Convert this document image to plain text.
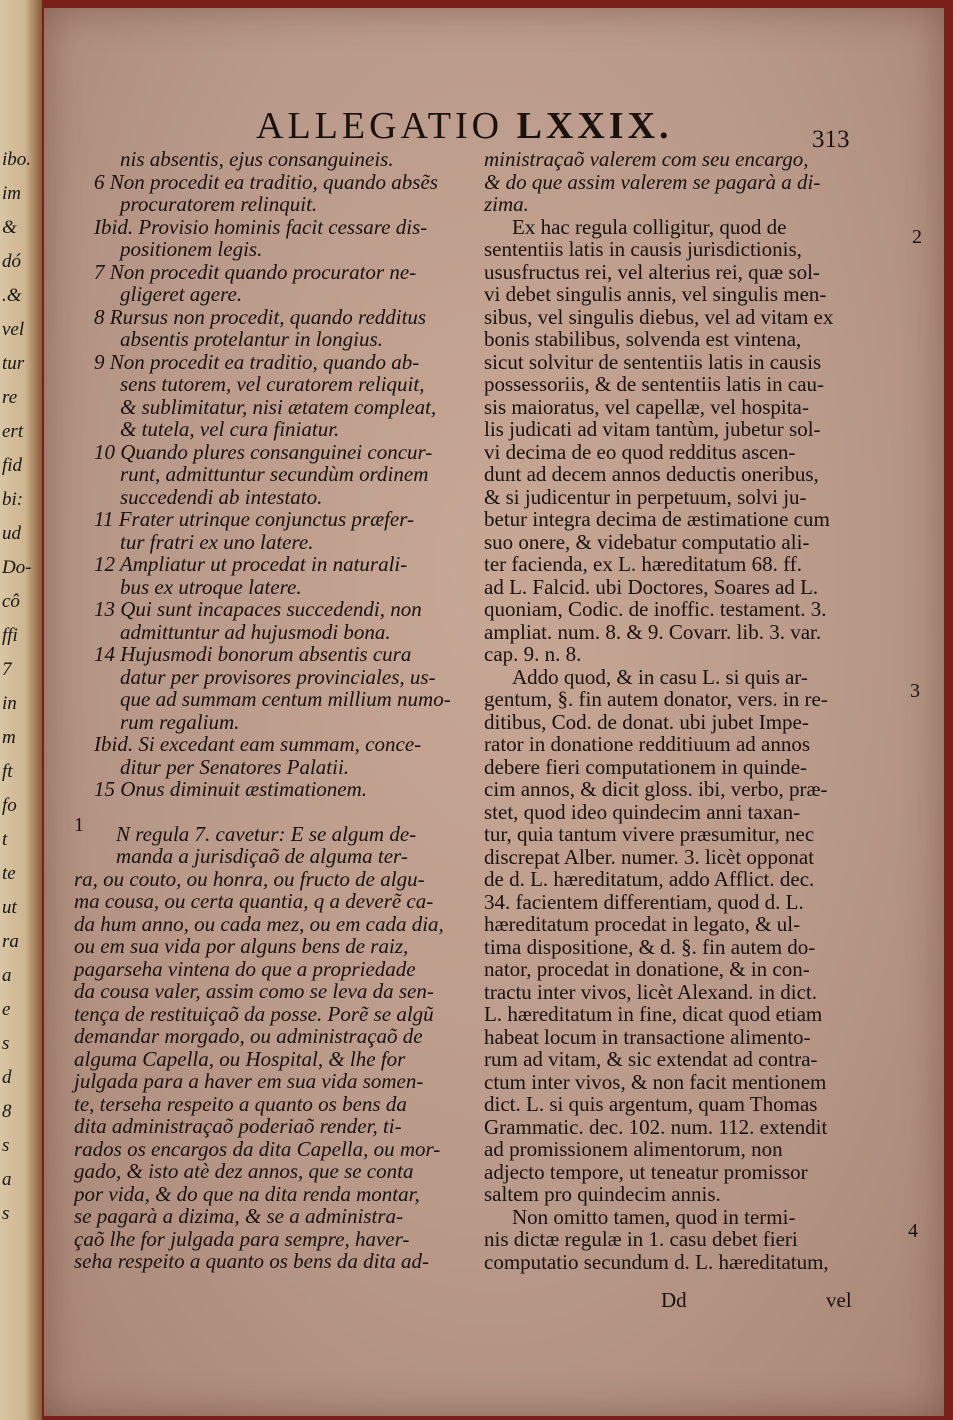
ibo.
im
&
dó
.&
vel
tur
re
ert
fid
bi:
ud
Do-
cô
ffi
7
in
m
ft
fo
t
te
ut
ra
a
e
s
d
8
s
a
s
ALLEGATIO LXXIX.	313
nis absentis, ejus consanguineis.
6 Non procedit ea traditio, quando absẽs
procuratorem relinquit.
Ibid. Provisio hominis facit cessare dis-
positionem legis.
7 Non procedit quando procurator ne-
gligeret agere.
8 Rursus non procedit, quando redditus
absentis protelantur in longius.
9 Non procedit ea traditio, quando ab-
sens tutorem, vel curatorem reliquit,
& sublimitatur, nisi ætatem compleat,
& tutela, vel cura finiatur.
10 Quando plures consanguinei concur-
runt, admittuntur secundùm ordinem
succedendi ab intestato.
11 Frater utrinque conjunctus præfer-
tur fratri ex uno latere.
12 Ampliatur ut procedat in naturali-
bus ex utroque latere.
13 Qui sunt incapaces succedendi, non
admittuntur ad hujusmodi bona.
14 Hujusmodi bonorum absentis cura
datur per provisores provinciales, us-
que ad summam centum millium numo-
rum regalium.
Ibid. Si excedant eam summam, conce-
ditur per Senatores Palatii.
15 Onus diminuit æstimationem.
N regula 7. cavetur: E se algum de-
manda a jurisdiçaõ de alguma ter-
ra, ou couto, ou honra, ou fructo de algu-
ma cousa, ou certa quantia, q a deverẽ ca-
da hum anno, ou cada mez, ou em cada dia,
ou em sua vida por alguns bens de raiz,
pagarseha vintena do que a propriedade
da cousa valer, assim como se leva da sen-
tença de restituiçaõ da posse. Porẽ se algũ
demandar morgado, ou administraçaõ de
alguma Capella, ou Hospital, & lhe for
julgada para a haver em sua vida somen-
te, terseha respeito a quanto os bens da
dita administraçaõ poderiaõ render, ti-
rados os encargos da dita Capella, ou mor-
gado, & isto atè dez annos, que se conta
por vida, & do que na dita renda montar,
se pagarà a dizima, & se a administra-
çaõ lhe for julgada para sempre, haver-
seha respeito a quanto os bens da dita ad-
ministraçaõ valerem com seu encargo,
& do que assim valerem se pagarà a di-
zima.
Ex hac regula colligitur, quod de
sententiis latis in causis jurisdictionis,
ususfructus rei, vel alterius rei, quæ sol-
vi debet singulis annis, vel singulis men-
sibus, vel singulis diebus, vel ad vitam ex
bonis stabilibus, solvenda est vintena,
sicut solvitur de sententiis latis in causis
possessoriis, & de sententiis latis in cau-
sis maioratus, vel capellæ, vel hospita-
lis judicati ad vitam tantùm, jubetur sol-
vi decima de eo quod redditus ascen-
dunt ad decem annos deductis oneribus,
& si judicentur in perpetuum, solvi ju-
betur integra decima de æstimatione cum
suo onere, & videbatur computatio ali-
ter facienda, ex L. hæreditatum 68. ff.
ad L. Falcid. ubi Doctores, Soares ad L.
quoniam, Codic. de inoffic. testament. 3.
ampliat. num. 8. & 9. Covarr. lib. 3. var.
cap. 9. n. 8.
Addo quod, & in casu L. si quis ar-
gentum, §. fin autem donator, vers. in re-
ditibus, Cod. de donat. ubi jubet Impe-
rator in donatione redditiuum ad annos
debere fieri computationem in quinde-
cim annos, & dicit gloss. ibi, verbo, præ-
stet, quod ideo quindecim anni taxan-
tur, quia tantum vivere præsumitur, nec
discrepat Alber. numer. 3. licèt opponat
de d. L. hæreditatum, addo Afflict. dec.
34. facientem differentiam, quod d. L.
hæreditatum procedat in legato, & ul-
tima dispositione, & d. §. fin autem do-
nator, procedat in donatione, & in con-
tractu inter vivos, licèt Alexand. in dict.
L. hæreditatum in fine, dicat quod etiam
habeat locum in transactione alimento-
rum ad vitam, & sic extendat ad contra-
ctum inter vivos, & non facit mentionem
dict. L. si quis argentum, quam Thomas
Grammatic. dec. 102. num. 112. extendit
ad promissionem alimentorum, non
adjecto tempore, ut teneatur promissor
saltem pro quindecim annis.
Non omitto tamen, quod in termi-
nis dictæ regulæ in 1. casu debet fieri
computatio secundum d. L. hæreditatum,
1
2
3
4
Dd	vel
